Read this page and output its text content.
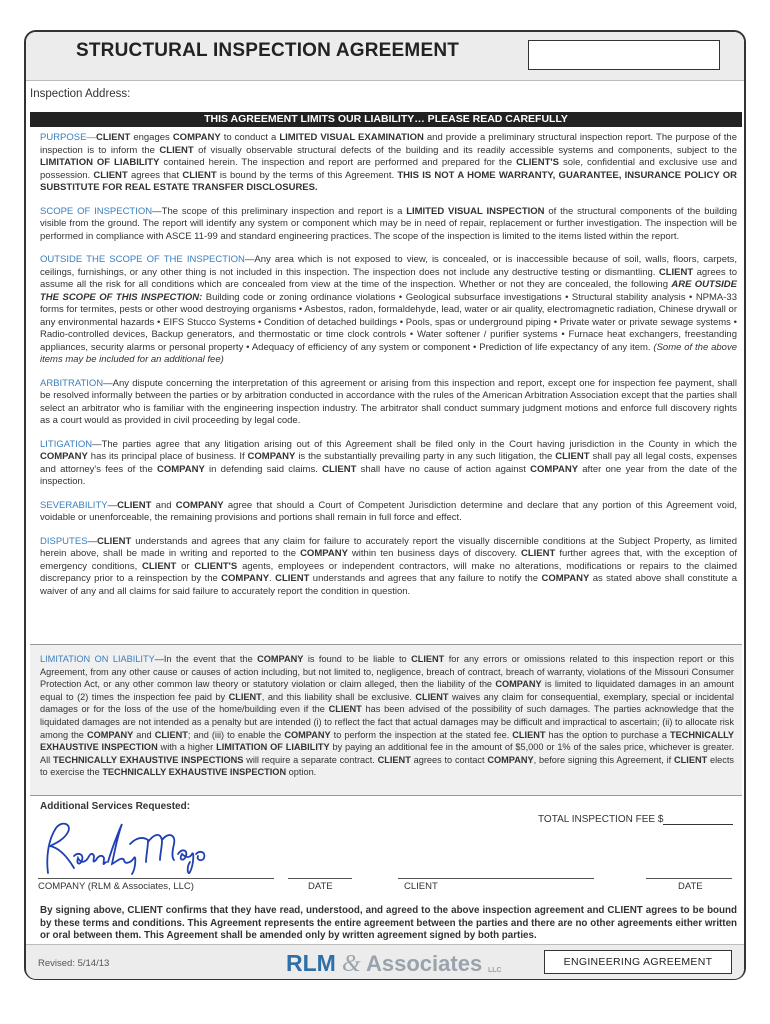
STRUCTURAL INSPECTION AGREEMENT
Inspection Address:
THIS AGREEMENT LIMITS OUR LIABILITY… PLEASE READ CAREFULLY

PURPOSE—CLIENT engages COMPANY to conduct a LIMITED VISUAL EXAMINATION and provide a preliminary structural inspection report. The purpose of the inspection is to inform the CLIENT of visually observable structural defects of the building and its readily accessible systems and components, subject to the LIMITATION OF LIABILITY contained herein. The inspection and report are performed and prepared for the CLIENT'S sole, confidential and exclusive use and possession. CLIENT agrees that CLIENT is bound by the terms of this Agreement. THIS IS NOT A HOME WARRANTY, GUARANTEE, INSURANCE POLICY OR SUBSTITUTE FOR REAL ESTATE TRANSFER DISCLOSURES.

SCOPE OF INSPECTION—The scope of this preliminary inspection and report is a LIMITED VISUAL INSPECTION of the structural components of the building visible from the ground. The report will identify any system or component which may be in need of repair, replacement or further investigation. The inspection will be performed in compliance with ASCE 11-99 and standard engineering practices. The scope of the inspection is limited to the items listed within the report.

OUTSIDE THE SCOPE OF THE INSPECTION—Any area which is not exposed to view, is concealed, or is inaccessible because of soil, walls, floors, carpets, ceilings, furnishings, or any other thing is not included in this inspection. The inspection does not include any destructive testing or dismantling. CLIENT agrees to assume all the risk for all conditions which are concealed from view at the time of the inspection. Whether or not they are concealed, the following ARE OUTSIDE THE SCOPE OF THIS INSPECTION: Building code or zoning ordinance violations • Geological subsurface investigations • Structural stability analysis • NPMA-33 forms for termites, pests or other wood destroying organisms • Asbestos, radon, formaldehyde, lead, water or air quality, electromagnetic radiation, Chinese drywall or any environmental hazards • EIFS Stucco Systems • Condition of detached buildings • Pools, spas or underground piping • Private water or private sewage systems • Radio-controlled devices, Backup generators, and thermostatic or time clock controls • Water softener / purifier systems • Furnace heat exchangers, freestanding appliances, security alarms or personal property • Adequacy of efficiency of any system or component • Prediction of life expectancy of any item. (Some of the above items may be included for an additional fee)

ARBITRATION—Any dispute concerning the interpretation of this agreement or arising from this inspection and report, except one for inspection fee payment, shall be resolved informally between the parties or by arbitration conducted in accordance with the rules of the American Arbitration Association except that the parties shall select an arbitrator who is familiar with the engineering inspection industry. The arbitrator shall conduct summary judgment motions and enforce full discovery rights as a court would as provided in civil proceeding by legal code.

LITIGATION—The parties agree that any litigation arising out of this Agreement shall be filed only in the Court having jurisdiction in the County in which the COMPANY has its principal place of business. If COMPANY is the substantially prevailing party in any such litigation, the CLIENT shall pay all legal costs, expenses and attorney's fees of the COMPANY in defending said claims. CLIENT shall have no cause of action against COMPANY after one year from the date of the inspection.

SEVERABILITY—CLIENT and COMPANY agree that should a Court of Competent Jurisdiction determine and declare that any portion of this Agreement void, voidable or unenforceable, the remaining provisions and portions shall remain in full force and effect.

DISPUTES—CLIENT understands and agrees that any claim for failure to accurately report the visually discernible conditions at the Subject Property, as limited herein above, shall be made in writing and reported to the COMPANY within ten business days of discovery. CLIENT further agrees that, with the exception of emergency conditions, CLIENT or CLIENT'S agents, employees or independent contractors, will make no alterations, modifications or repairs to the claimed discrepancy prior to a reinspection by the COMPANY. CLIENT understands and agrees that any failure to notify the COMPANY as stated above shall constitute a waiver of any and all claims for said failure to accurately report the condition in question.

LIMITATION ON LIABILITY—In the event that the COMPANY is found to be liable to CLIENT for any errors or omissions related to this inspection report or this Agreement, from any other cause or causes of action including, but not limited to, negligence, breach of contract, breach of warranty, violations of the Missouri Consumer Protection Act, or any other common law theory or statutory violation or claim alleged, then the liability of the COMPANY is limited to liquidated damages in an amount equal to (2) times the inspection fee paid by CLIENT, and this liability shall be exclusive. CLIENT waives any claim for consequential, exemplary, special or incidental damages or for the loss of the use of the home/building even if the CLIENT has been advised of the possibility of such damages. The parties acknowledge that the liquidated damages are not intended as a penalty but are intended (i) to reflect the fact that actual damages may be difficult and impractical to ascertain; (ii) to allocate risk among the COMPANY and CLIENT; and (iii) to enable the COMPANY to perform the inspection at the stated fee. CLIENT has the option to purchase a TECHNICALLY EXHAUSTIVE INSPECTION with a higher LIMITATION OF LIABILITY by paying an additional fee in the amount of $5,000 or 1% of the sales price, whichever is greater. All TECHNICALLY EXHAUSTIVE INSPECTIONS will require a separate contract. CLIENT agrees to contact COMPANY, before signing this Agreement, if CLIENT elects to exercise the TECHNICALLY EXHAUSTIVE INSPECTION option.

Additional Services Requested:
TOTAL INSPECTION FEE $
COMPANY (RLM & Associates, LLC)	DATE	CLIENT	DATE
By signing above, CLIENT confirms that they have read, understood, and agreed to the above inspection agreement and CLIENT agrees to be bound by these terms and conditions. This Agreement represents the entire agreement between the parties and there are no other agreements either written or oral between them. This Agreement shall be amended only by written agreement signed by both parties.
Revised: 5/14/13	RLM & Associates LLC
ENGINEERING AGREEMENT
